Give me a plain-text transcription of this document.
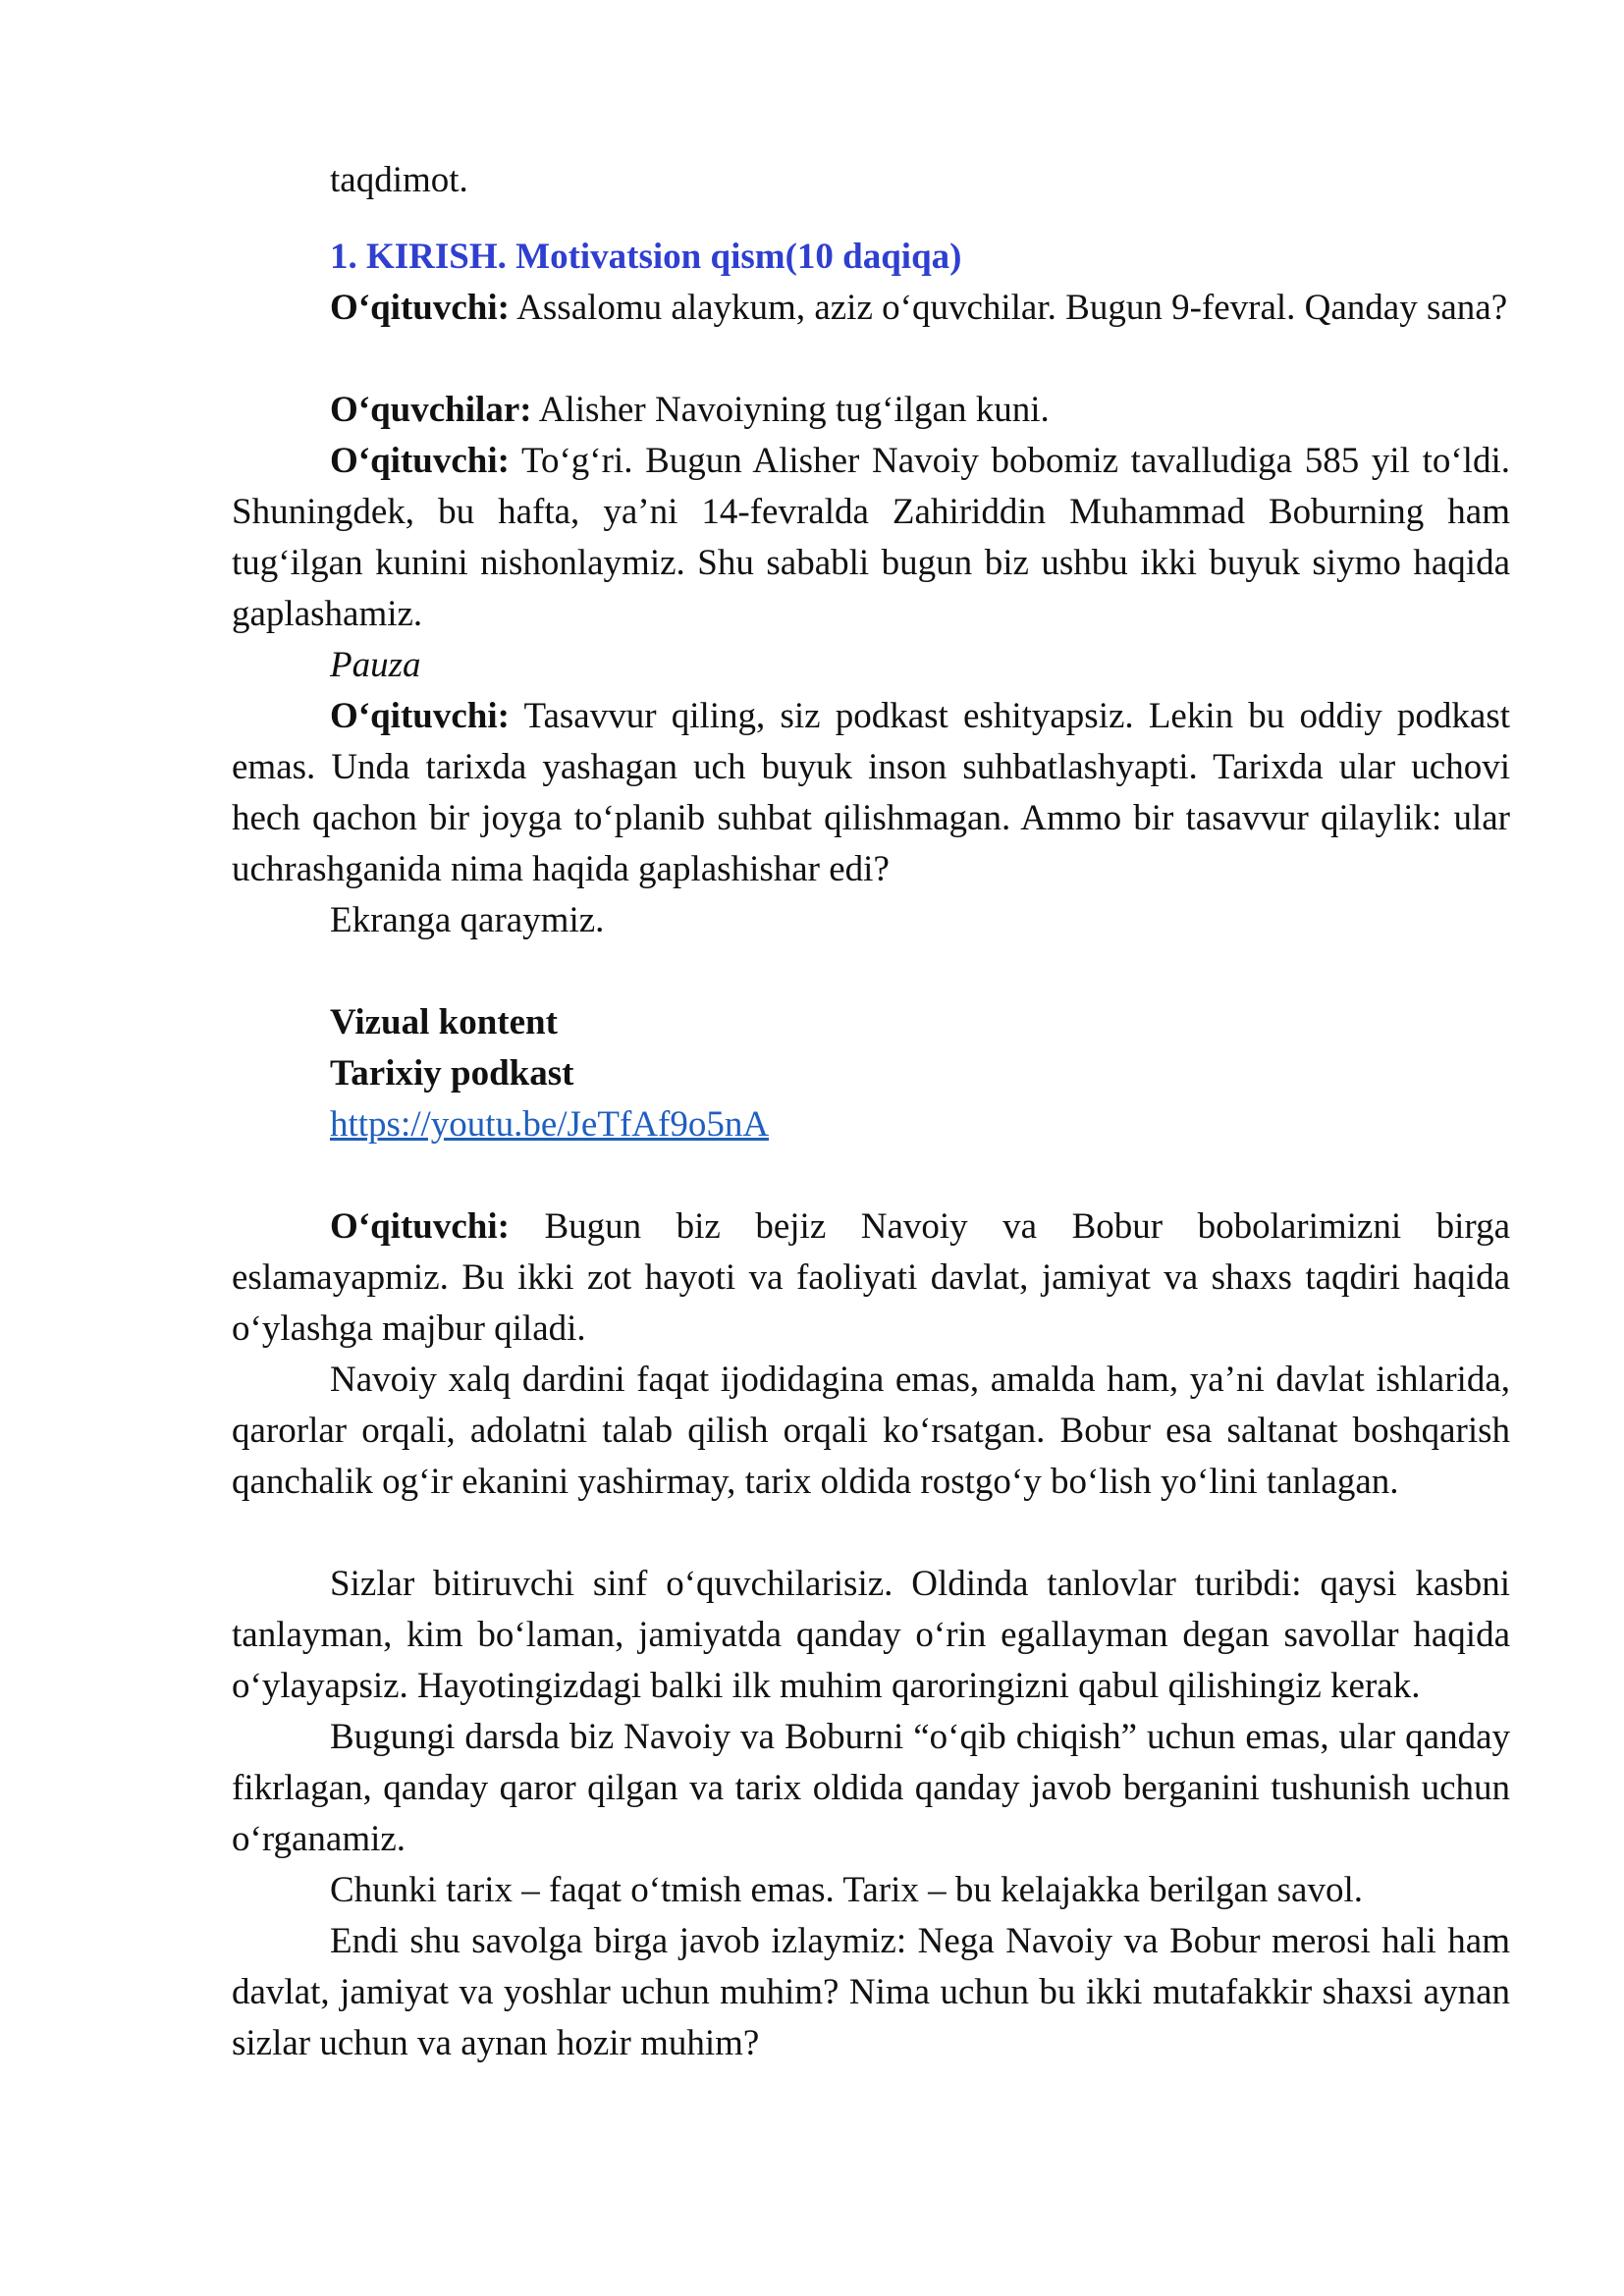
taqdimot.

1. KIRISH. Motivatsion qism(10 daqiqa)

O‘qituvchi: Assalomu alaykum, aziz o‘quvchilar. Bugun 9-fevral. Qanday sana?

O‘quvchilar: Alisher Navoiyning tug‘ilgan kuni.

O‘qituvchi: To‘g‘ri. Bugun Alisher Navoiy bobomiz tavalludiga 585 yil to‘ldi. Shuningdek, bu hafta, ya’ni 14-fevralda Zahiriddin Muhammad Boburning ham tug‘ilgan kunini nishonlaymiz. Shu sababli bugun biz ushbu ikki buyuk siymo haqida gaplashamiz.

Pauza

O‘qituvchi: Tasavvur qiling, siz podkast eshityapsiz. Lekin bu oddiy podkast emas. Unda tarixda yashagan uch buyuk inson suhbatlashyapti. Tarixda ular uchovi hech qachon bir joyga to‘planib suhbat qilishmagan. Ammo bir tasavvur qilaylik: ular uchrashganida nima haqida gaplashishar edi?

Ekranga qaraymiz.

Vizual kontent

Tarixiy podkast

https://youtu.be/JeTfAf9o5nA

O‘qituvchi: Bugun biz bejiz Navoiy va Bobur bobolarimizni birga eslamayapmiz. Bu ikki zot hayoti va faoliyati davlat, jamiyat va shaxs taqdiri haqida o‘ylashga majbur qiladi.

Navoiy xalq dardini faqat ijodidagina emas, amalda ham, ya’ni davlat ishlarida, qarorlar orqali, adolatni talab qilish orqali ko‘rsatgan. Bobur esa saltanat boshqarish qanchalik og‘ir ekanini yashirmay, tarix oldida rostgo‘y bo‘lish yo‘lini tanlagan.

Sizlar bitiruvchi sinf o‘quvchilarisiz. Oldinda tanlovlar turibdi: qaysi kasbni tanlayman, kim bo‘laman, jamiyatda qanday o‘rin egallayman degan savollar haqida o‘ylayapsiz. Hayotingizdagi balki ilk muhim qaroringizni qabul qilishingiz kerak.

Bugungi darsda biz Navoiy va Boburni “o‘qib chiqish” uchun emas, ular qanday fikrlagan, qanday qaror qilgan va tarix oldida qanday javob berganini tushunish uchun o‘rganamiz.

Chunki tarix – faqat o‘tmish emas. Tarix – bu kelajakka berilgan savol.

Endi shu savolga birga javob izlaymiz: Nega Navoiy va Bobur merosi hali ham davlat, jamiyat va yoshlar uchun muhim? Nima uchun bu ikki mutafakkir shaxsi aynan sizlar uchun va aynan hozir muhim?
